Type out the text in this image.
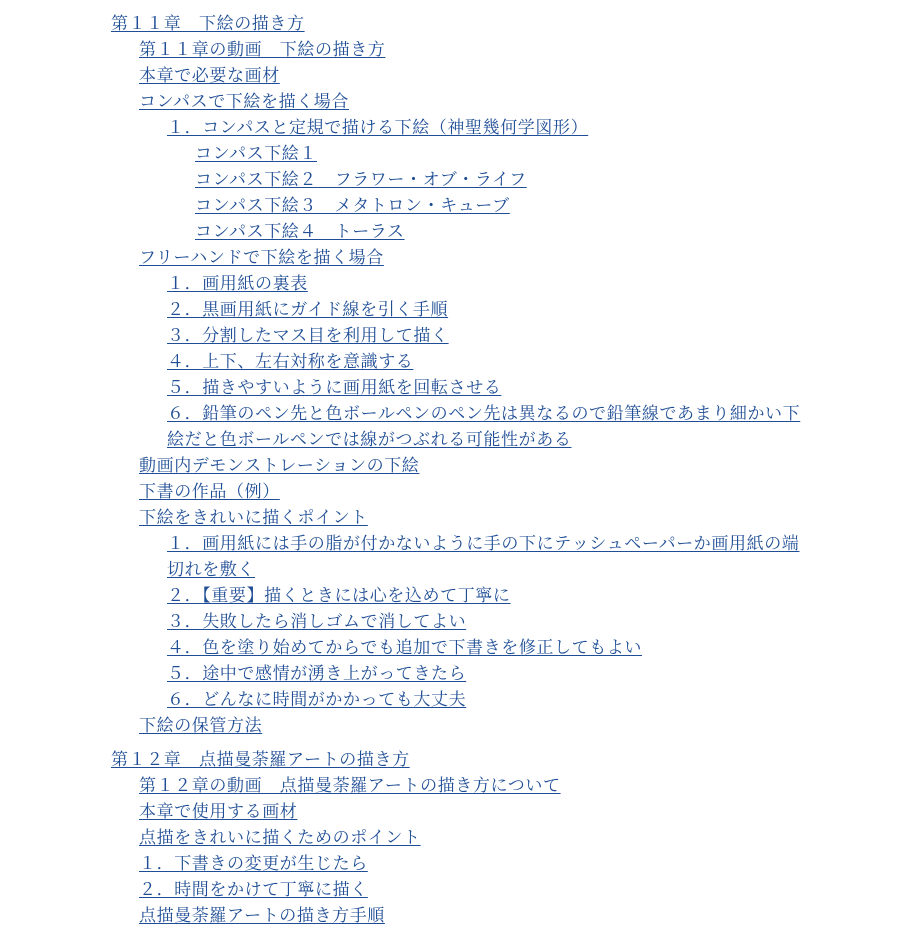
第１１章　下絵の描き方
第１１章の動画　下絵の描き方
本章で必要な画材
コンパスで下絵を描く場合
１．コンパスと定規で描ける下絵（神聖幾何学図形）
コンパス下絵１
コンパス下絵２　フラワー・オブ・ライフ
コンパス下絵３　メタトロン・キューブ
コンパス下絵４　トーラス
フリーハンドで下絵を描く場合
１．画用紙の裏表
２．黒画用紙にガイド線を引く手順
３．分割したマス目を利用して描く
４．上下、左右対称を意識する
５．描きやすいように画用紙を回転させる
６．鉛筆のペン先と色ボールペンのペン先は異なるので鉛筆線であまり細かい下絵だと色ボールペンでは線がつぶれる可能性がある
動画内デモンストレーションの下絵
下書の作品（例）
下絵をきれいに描くポイント
１．画用紙には手の脂が付かないように手の下にテッシュペーパーか画用紙の端切れを敷く
２．【重要】描くときには心を込めて丁寧に
３．失敗したら消しゴムで消してよい
４．色を塗り始めてからでも追加で下書きを修正してもよい
５．途中で感情が湧き上がってきたら
６．どんなに時間がかかっても大丈夫
下絵の保管方法
第１２章　点描曼荼羅アートの描き方
第１２章の動画　点描曼荼羅アートの描き方について
本章で使用する画材
点描をきれいに描くためのポイント
１．下書きの変更が生じたら
２．時間をかけて丁寧に描く
点描曼荼羅アートの描き方手順
